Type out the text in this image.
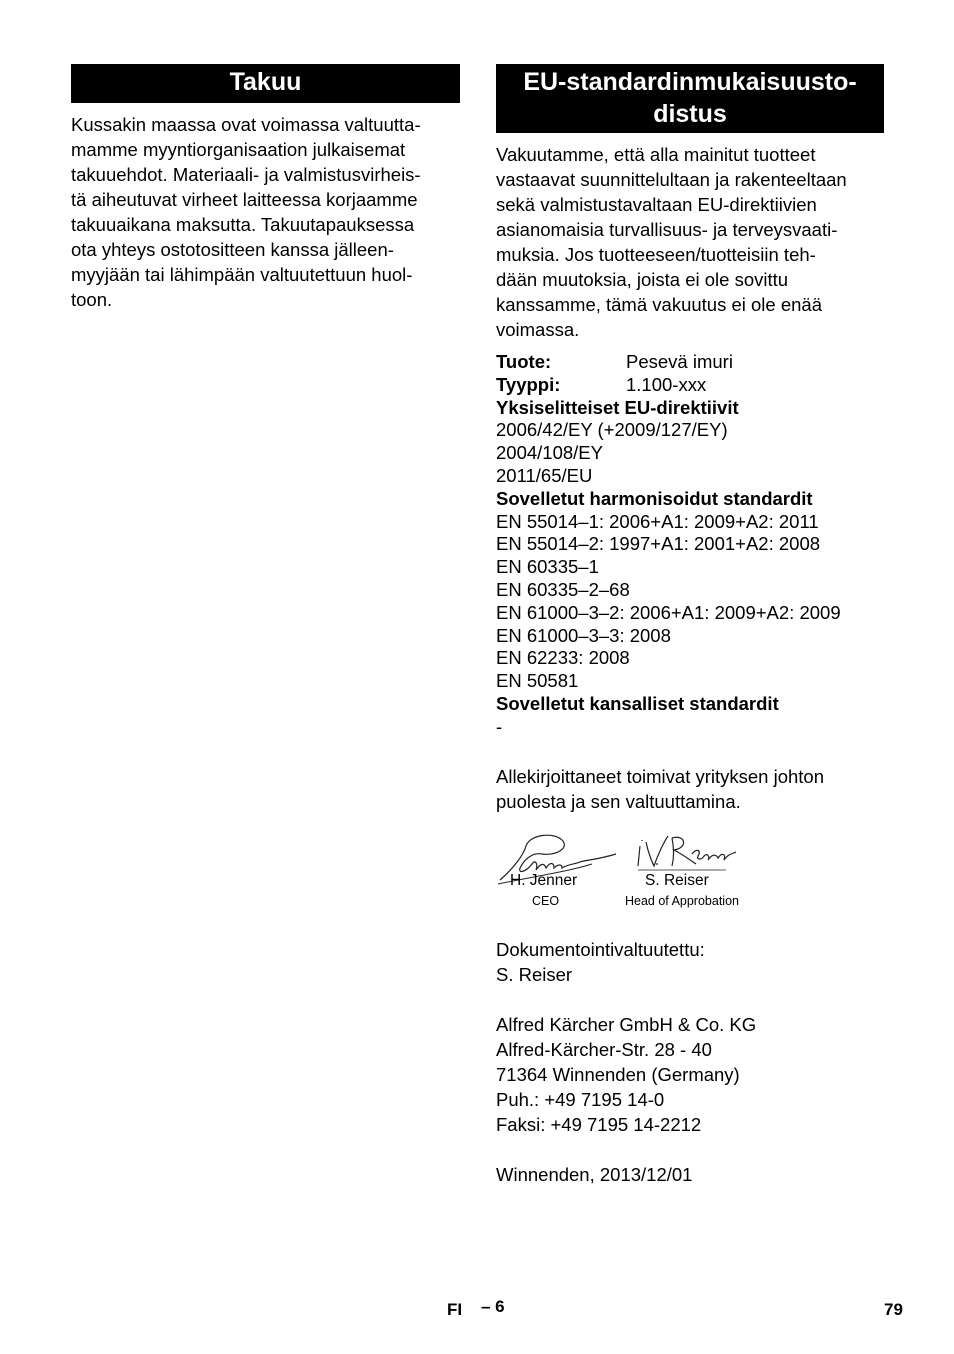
Takuu
Kussakin maassa ovat voimassa valtuutta-
mamme myyntiorganisaation julkaisemat
takuuehdot. Materiaali- ja valmistusvirheis-
tä aiheutuvat virheet laitteessa korjaamme
takuuaikana maksutta. Takuutapauksessa
ota yhteys ostotositteen kanssa jälleen-
myyjään tai lähimpään valtuutettuun huol-
toon.
EU-standardinmukaisuusto-
distus
Vakuutamme, että alla mainitut tuotteet
vastaavat suunnittelultaan ja rakenteeltaan
sekä valmistustavaltaan EU-direktiivien
asianomaisia turvallisuus- ja terveysvaati-
muksia. Jos tuotteeseen/tuotteisiin teh-
dään muutoksia, joista ei ole sovittu
kanssamme, tämä vakuutus ei ole enää
voimassa.
Tuote:	Pesevä imuri
Tyyppi:	1.100-xxx
Yksiselitteiset EU-direktiivit
2006/42/EY (+2009/127/EY)
2004/108/EY
2011/65/EU
Sovelletut harmonisoidut standardit
EN 55014–1: 2006+A1: 2009+A2: 2011
EN 55014–2: 1997+A1: 2001+A2: 2008
EN 60335–1
EN 60335–2–68
EN 61000–3–2: 2006+A1: 2009+A2: 2009
EN 61000–3–3: 2008
EN 62233: 2008
EN 50581
Sovelletut kansalliset standardit
-
Allekirjoittaneet toimivat yrityksen johton
puolesta ja sen valtuuttamina.
H. Jenner
CEO
S. Reiser
Head of Approbation
Dokumentointivaltuutettu:
S. Reiser
Alfred Kärcher GmbH & Co. KG
Alfred-Kärcher-Str. 28 - 40
71364 Winnenden (Germany)
Puh.: +49 7195 14-0
Faksi: +49 7195 14-2212
Winnenden, 2013/12/01
FI – 6	79
